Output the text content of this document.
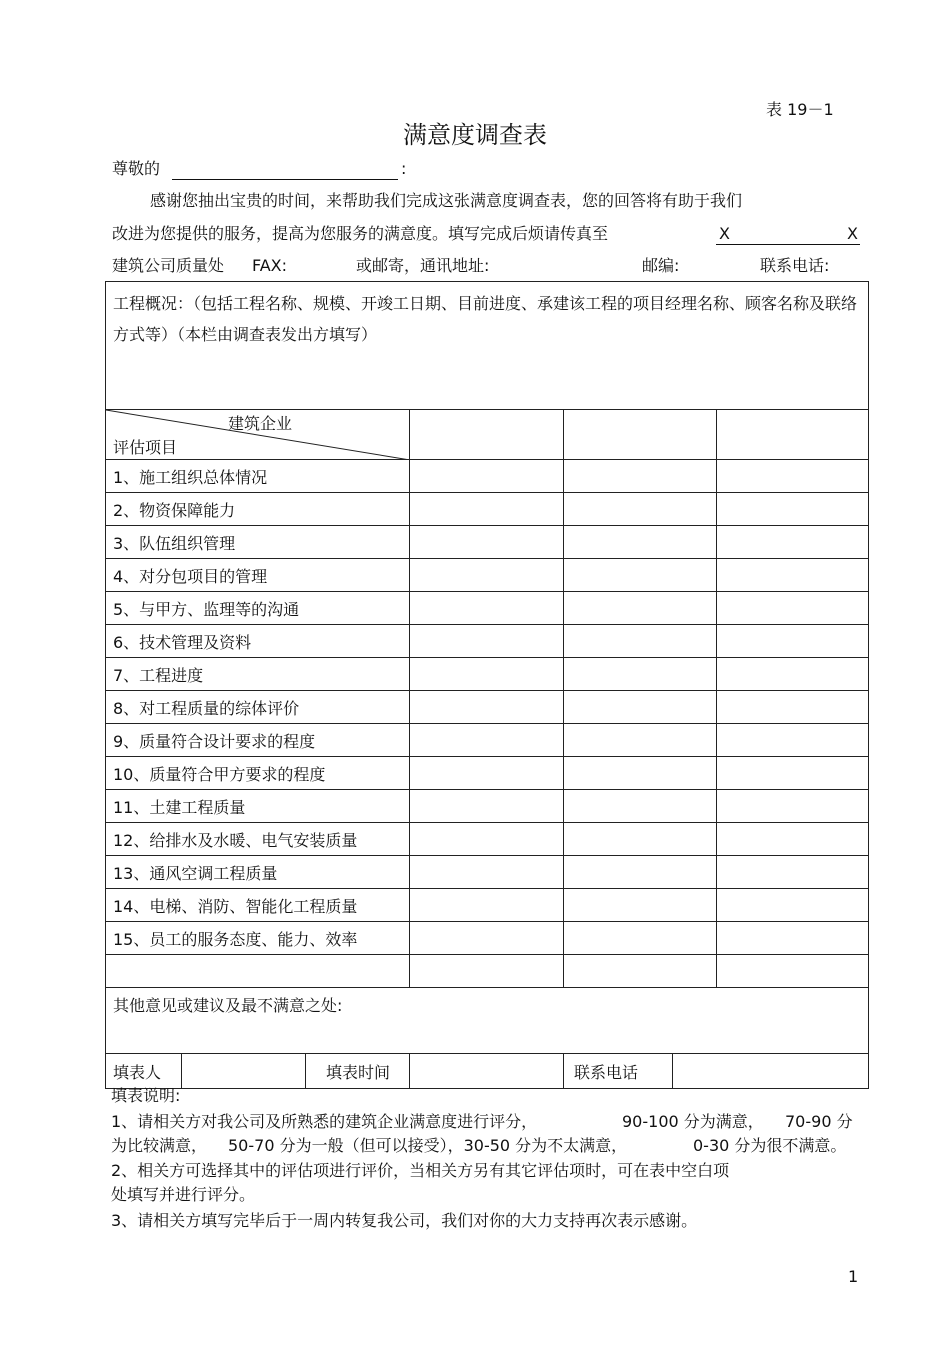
表 19－1
满意度调查表
尊敬的	:
感谢您抽出宝贵的时间，来帮助我们完成这张满意度调查表，您的回答将有助于我们
改进为您提供的服务，提高为您服务的满意度。填写完成后烦请传真至	X	X
建筑公司质量处 FAX:	或邮寄，通讯地址:	邮编:	联系电话:
工程概况：（包括工程名称、规模、开竣工日期、目前进度、承建该工程的项目经理名称、顾客名称及联络方式等）（本栏由调查表发出方填写）						

建筑企业
评估项目						

1、施工组织总体情况						
2、物资保障能力						
3、队伍组织管理						
4、对分包项目的管理						
5、与甲方、监理等的沟通						
6、技术管理及资料						
7、工程进度						
8、对工程质量的综体评价						
9、质量符合设计要求的程度						
10、质量符合甲方要求的程度						
11、土建工程质量						
12、给排水及水暖、电气安装质量						
13、通风空调工程质量						
14、电梯、消防、智能化工程质量						
15、员工的服务态度、能力、效率						

其他意见或建议及最不满意之处:						
填表人		填表时间		联系电话		
填表说明:
1、请相关方对我公司及所熟悉的建筑企业满意度进行评分，	90-100 分为满意， 70-90 分
为比较满意， 50-70 分为一般（但可以接受），30-50 分为不太满意，	0-30 分为很不满意。
2、相关方可选择其中的评估项进行评价，当相关方另有其它评估项时，可在表中空白项
处填写并进行评分。
3、请相关方填写完毕后于一周内转复我公司，我们对你的大力支持再次表示感谢。
1
